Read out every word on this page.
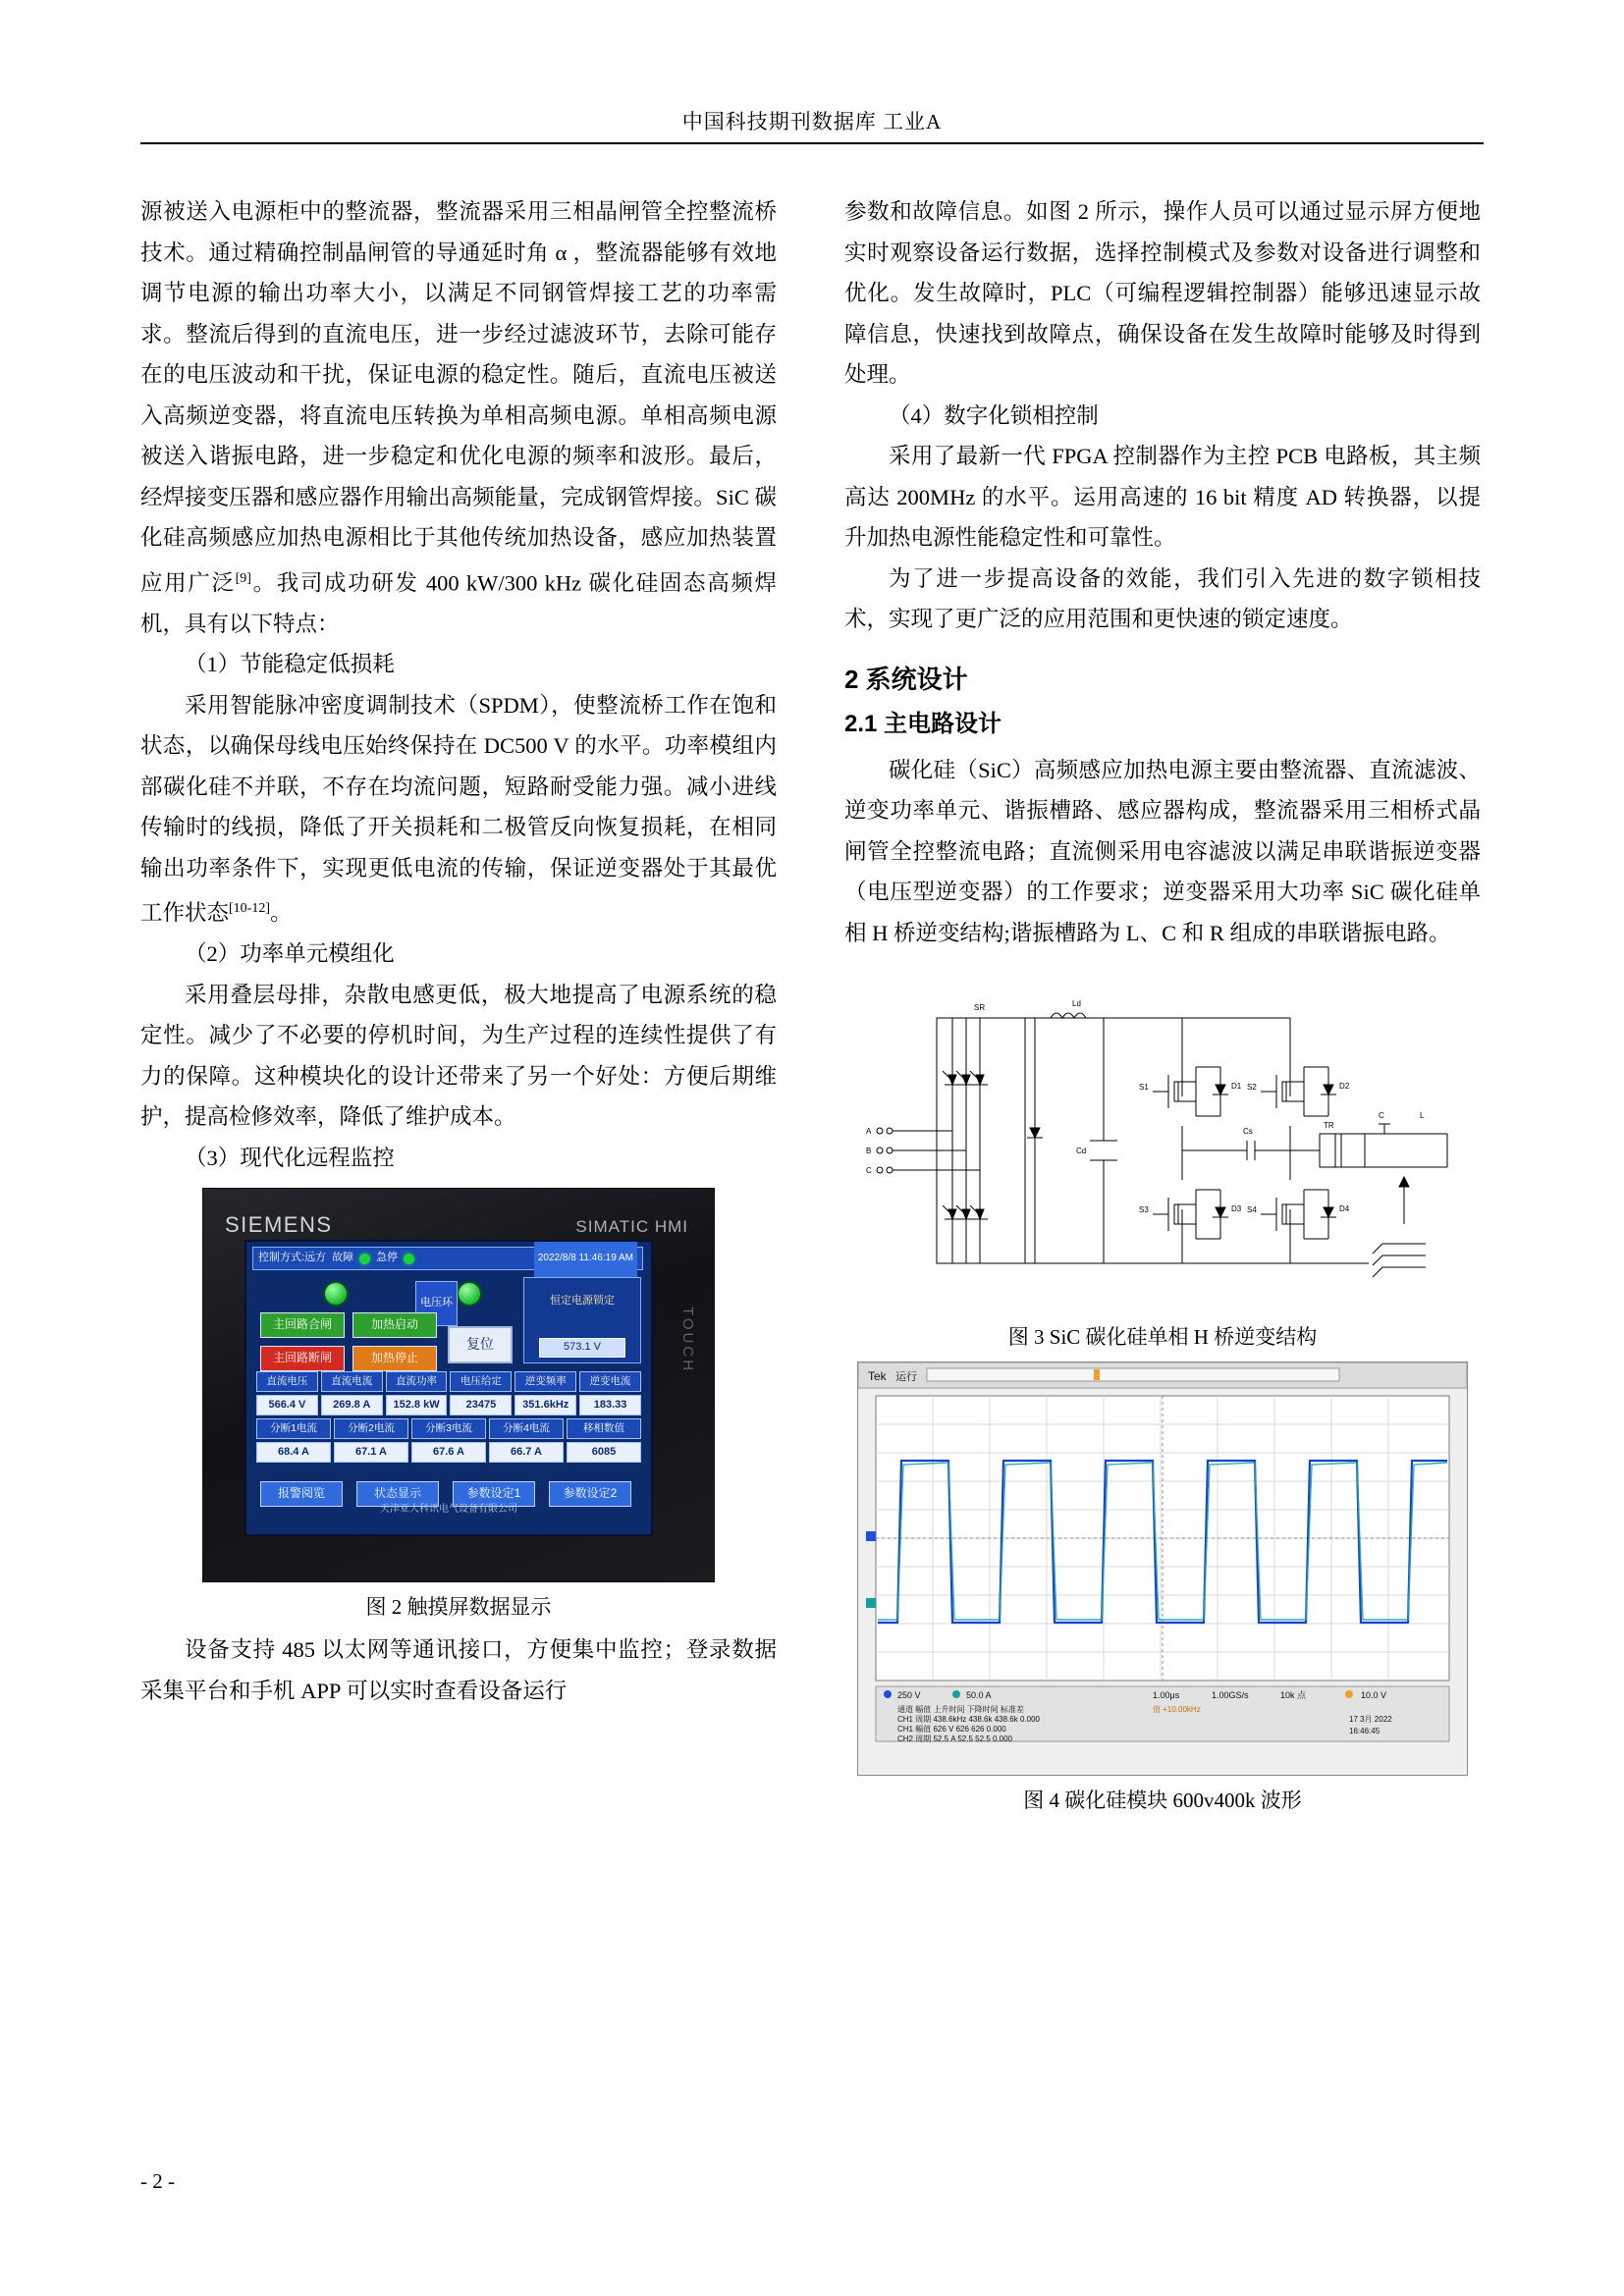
中国科技期刊数据库 工业A

源被送入电源柜中的整流器，整流器采用三相晶闸管全控整流桥技术。通过精确控制晶闸管的导通延时角 α ，整流器能够有效地调节电源的输出功率大小，以满足不同钢管焊接工艺的功率需求。整流后得到的直流电压，进一步经过滤波环节，去除可能存在的电压波动和干扰，保证电源的稳定性。随后，直流电压被送入高频逆变器，将直流电压转换为单相高频电源。单相高频电源被送入谐振电路，进一步稳定和优化电源的频率和波形。最后，经焊接变压器和感应器作用输出高频能量，完成钢管焊接。SiC 碳化硅高频感应加热电源相比于其他传统加热设备，感应加热装置应用广泛[9]。我司成功研发 400 kW/300 kHz 碳化硅固态高频焊机，具有以下特点：

（1）节能稳定低损耗

采用智能脉冲密度调制技术（SPDM），使整流桥工作在饱和状态，以确保母线电压始终保持在 DC500 V 的水平。功率模组内部碳化硅不并联，不存在均流问题，短路耐受能力强。减小进线传输时的线损，降低了开关损耗和二极管反向恢复损耗，在相同输出功率条件下，实现更低电流的传输，保证逆变器处于其最优工作状态[10-12]。

（2）功率单元模组化

采用叠层母排，杂散电感更低，极大地提高了电源系统的稳定性。减少了不必要的停机时间，为生产过程的连续性提供了有力的保障。这种模块化的设计还带来了另一个好处：方便后期维护，提高检修效率，降低了维护成本。

（3）现代化远程监控

SIEMENS	SIMATIC HMI
TOUCH
控制方式:远方 故障 急停	2022/8/8 11:46:19 AM
电压环
主回路合闸
主回路断闸
加热启动
加热停止
复位
恒定电源锁定
573.1
V
直流电压	直流电流	直流功率	电压给定	逆变频率	逆变电流
566.4 V	269.8 A	152.8 kW	23475	351.6kHz	183.33
分断1电流	分断2电流	分断3电流	分断4电流	移相数值
68.4 A	67.1 A	67.6 A	66.7 A	6085
报警阅览	状态显示	参数设定1	参数设定2
天津亚大科讯电气设备有限公司
图 2 触摸屏数据显示

设备支持 485 以太网等通讯接口，方便集中监控；登录数据采集平台和手机 APP 可以实时查看设备运行

参数和故障信息。如图 2 所示，操作人员可以通过显示屏方便地实时观察设备运行数据，选择控制模式及参数对设备进行调整和优化。发生故障时，PLC（可编程逻辑控制器）能够迅速显示故障信息，快速找到故障点，确保设备在发生故障时能够及时得到处理。

（4）数字化锁相控制

采用了最新一代 FPGA 控制器作为主控 PCB 电路板，其主频高达 200MHz 的水平。运用高速的 16 bit 精度 AD 转换器，以提升加热电源性能稳定性和可靠性。

为了进一步提高设备的效能，我们引入先进的数字锁相技术，实现了更广泛的应用范围和更快速的锁定速度。

2 系统设计
2.1 主电路设计

碳化硅（SiC）高频感应加热电源主要由整流器、直流滤波、逆变功率单元、谐振槽路、感应器构成，整流器采用三相桥式晶闸管全控整流电路；直流侧采用电容滤波以满足串联谐振逆变器（电压型逆变器）的工作要求；逆变器采用大功率 SiC 碳化硅单相 H 桥逆变结构;谐振槽路为 L、C 和 R 组成的串联谐振电路。

A
B
C
SR	Ld
Cd
S1	D1
S3	D3
S2	D2
S4	D4
Cs
TR
C	L
图 3 SiC 碳化硅单相 H 桥逆变结构
Tek 运行
250 V	50.0 A	1.00μs	1.00GS/s	10k 点	10.0 V
通道 幅值 上升时间 下降时间 标准差
CH1 周期 438.6kHz 438.6k 438.6k 0.000
CH1 幅值 626 V 626 626 0.000
CH2 周期 52.5 A 52.5 52.5 0.000
值 +10.00kHz
17 3月 2022
16:46:45
图 4 碳化硅模块 600v400k 波形
- 2 -
